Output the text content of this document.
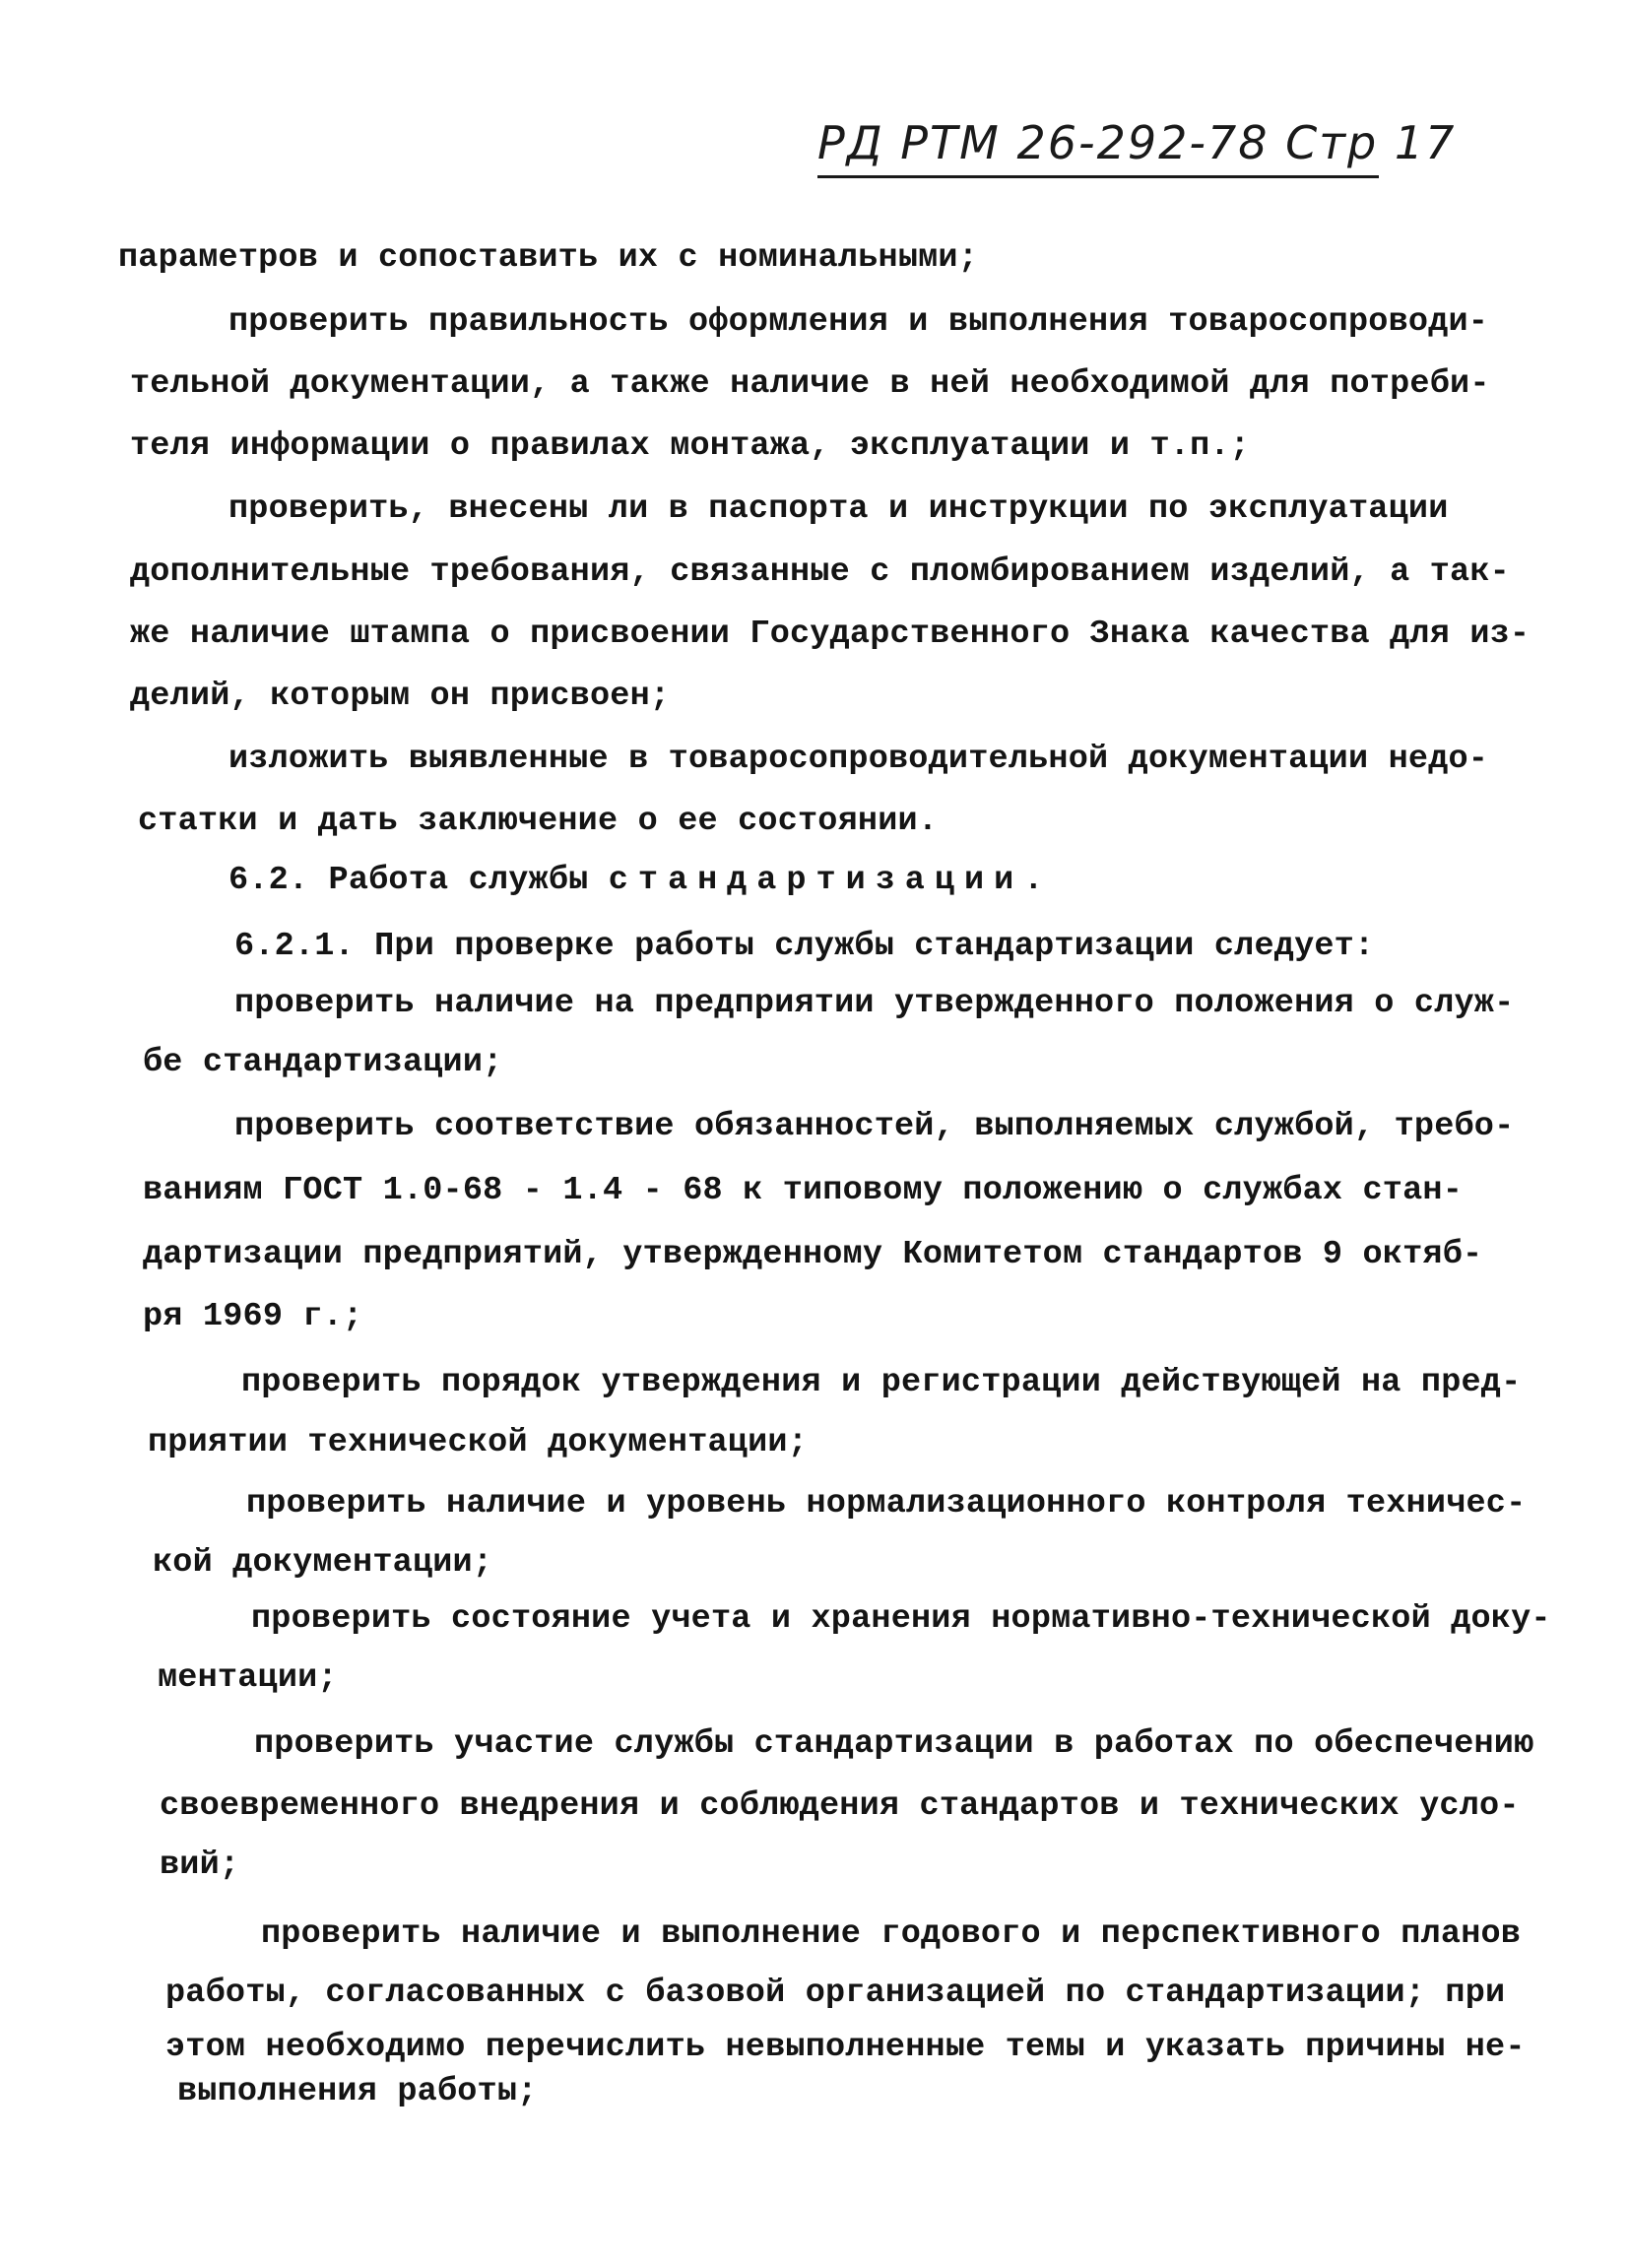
РД РТМ 26-292-78 Стр 17
параметров и сопоставить их с номинальными;
проверить правильность оформления и выполнения товаросопроводи-
тельной документации, а также наличие в ней необходимой для потреби-
теля информации о правилах монтажа, эксплуатации и т.п.;
проверить, внесены ли в паспорта и инструкции по эксплуатации
дополнительные требования, связанные с пломбированием изделий, а так-
же наличие штампа о присвоении Государственного Знака качества для из-
делий, которым он присвоен;
изложить выявленные в товаросопроводительной документации недо-
статки и дать заключение о ее состоянии.
6.2. Работа службы стандартизации.
6.2.1. При проверке работы службы стандартизации следует:
проверить наличие на предприятии утвержденного положения о служ-
бе стандартизации;
проверить соответствие обязанностей, выполняемых службой, требо-
ваниям ГОСТ 1.0-68 - 1.4 - 68 к типовому положению о службах стан-
дартизации предприятий, утвержденному Комитетом стандартов 9 октяб-
ря 1969 г.;
проверить порядок утверждения и регистрации действующей на пред-
приятии технической документации;
проверить наличие и уровень нормализационного контроля техничес-
кой документации;
проверить состояние учета и хранения нормативно-технической доку-
ментации;
проверить участие службы стандартизации в работах по обеспечению
своевременного внедрения и соблюдения стандартов и технических усло-
вий;
проверить наличие и выполнение годового и перспективного планов
работы, согласованных с базовой организацией по стандартизации; при
этом необходимо перечислить невыполненные темы и указать причины не-
выполнения работы;
